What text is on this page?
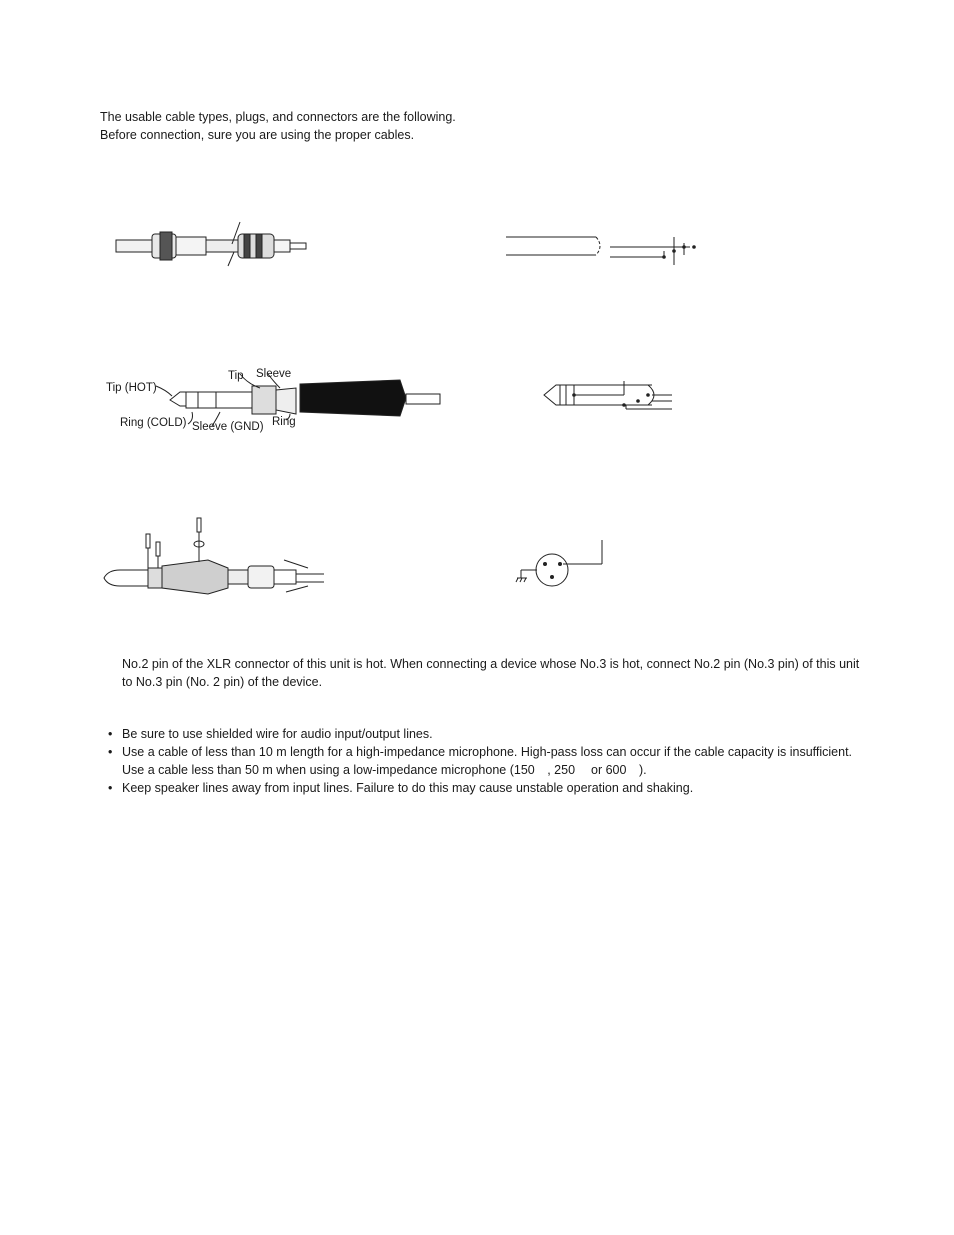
The usable cable types, plugs, and connectors are the following.
Before connection, sure you are using the proper cables.
Tip (HOT)
Tip Sleeve
Ring (COLD) Sleeve (GND) Ring
No.2 pin of the XLR connector of this unit is hot. When connecting a device whose No.3 is hot, connect No.2 pin (No.3 pin) of this unit to No.3 pin (No. 2 pin) of the device.
• Be sure to use shielded wire for audio input/output lines.
• Use a cable of less than 10 m length for a high-impedance microphone. High-pass loss can occur if the cable capacity is insufficient.
Use a cable less than 50 m when using a low-impedance microphone (150 , 250  or 600 ).
• Keep speaker lines away from input lines. Failure to do this may cause unstable operation and shaking.
